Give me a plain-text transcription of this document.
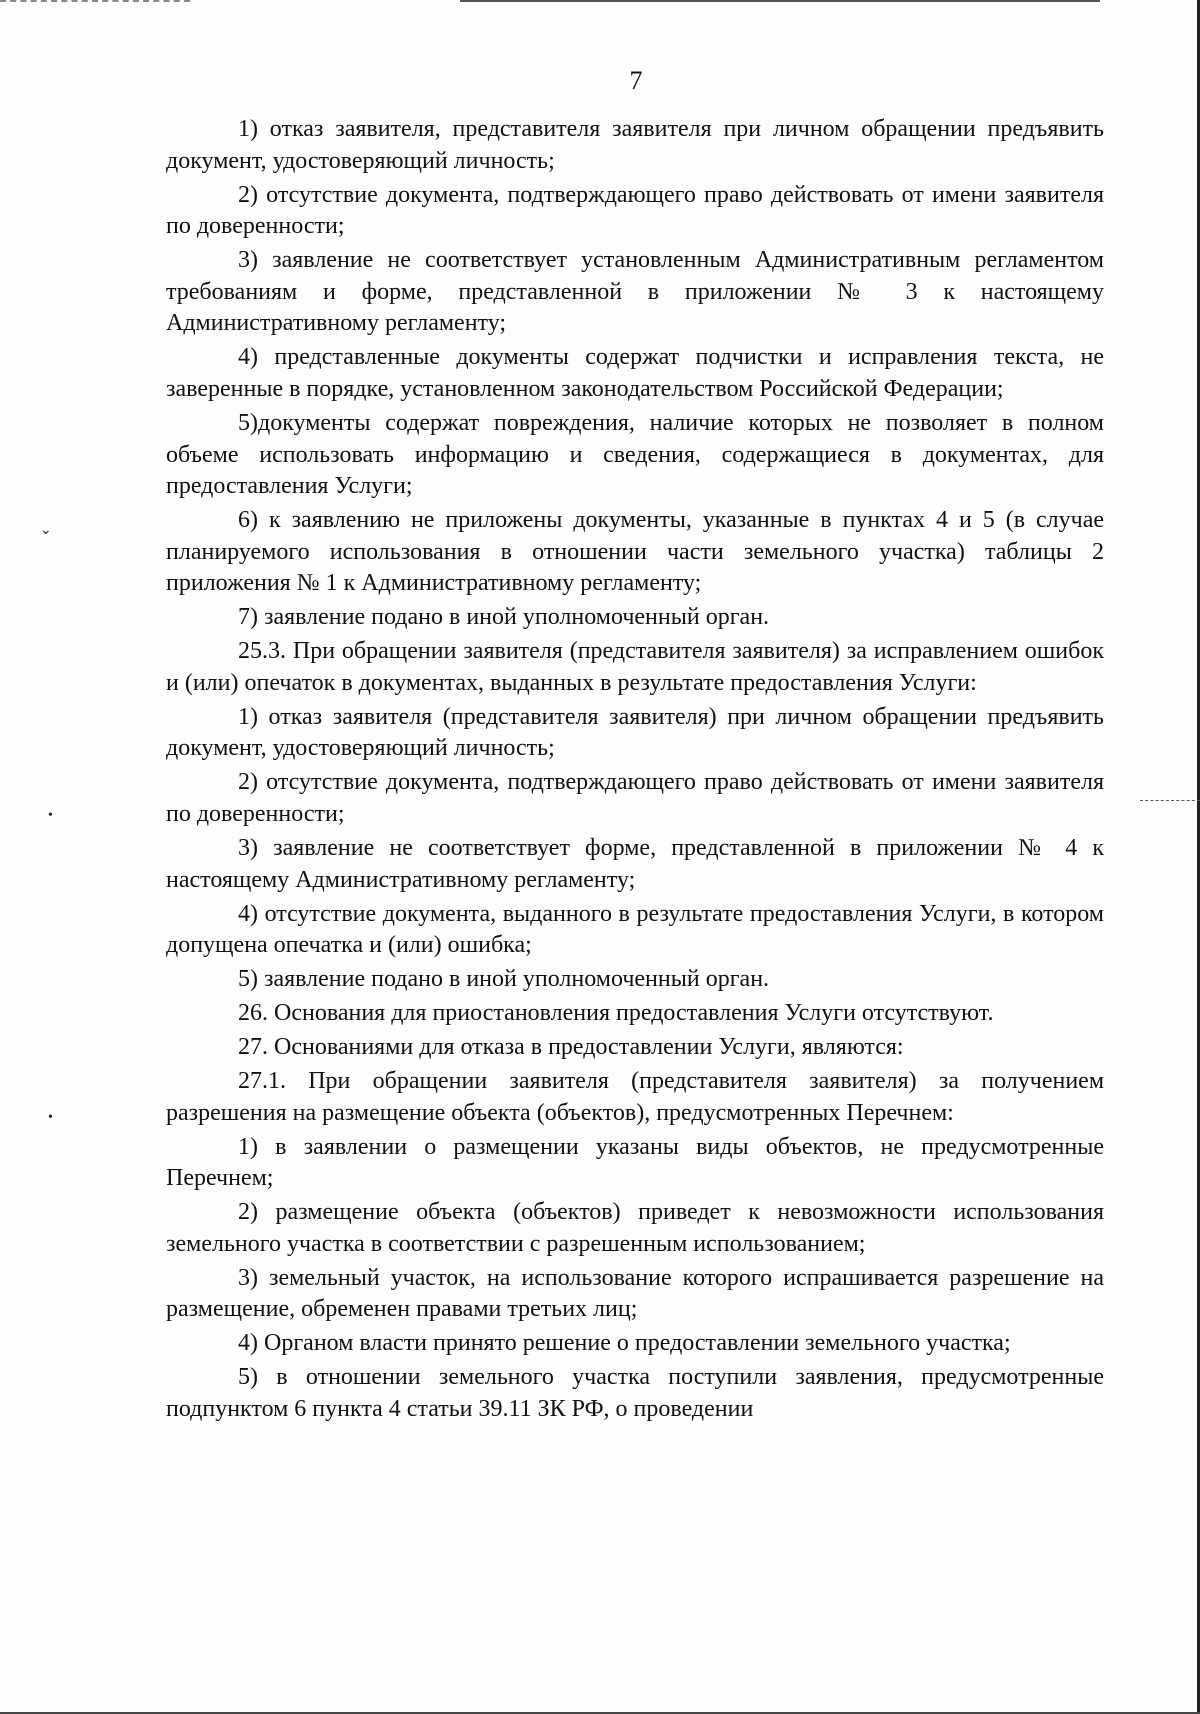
⌄
•
•
7

1) отказ заявителя, представителя заявителя при личном обращении предъявить документ, удостоверяющий личность;

2) отсутствие документа, подтверждающего право действовать от имени заявителя по доверенности;

3) заявление не соответствует установленным Административным регламентом требованиям и форме, представленной в приложении № 3 к настоящему Административному регламенту;

4) представленные документы содержат подчистки и исправления текста, не заверенные в порядке, установленном законодательством Российской Федерации;

5)документы содержат повреждения, наличие которых не позволяет в полном объеме использовать информацию и сведения, содержащиеся в документах, для предоставления Услуги;

6) к заявлению не приложены документы, указанные в пунктах 4 и 5 (в случае планируемого использования в отношении части земельного участка) таблицы 2 приложения № 1 к Административному регламенту;

7) заявление подано в иной уполномоченный орган.

25.3. При обращении заявителя (представителя заявителя) за исправлением ошибок и (или) опечаток в документах, выданных в результате предоставления Услуги:

1) отказ заявителя (представителя заявителя) при личном обращении предъявить документ, удостоверяющий личность;

2) отсутствие документа, подтверждающего право действовать от имени заявителя по доверенности;

3) заявление не соответствует форме, представленной в приложении № 4 к настоящему Административному регламенту;

4) отсутствие документа, выданного в результате предоставления Услуги, в котором допущена опечатка и (или) ошибка;

5) заявление подано в иной уполномоченный орган.

26. Основания для приостановления предоставления Услуги отсутствуют.

27. Основаниями для отказа в предоставлении Услуги, являются:

27.1. При обращении заявителя (представителя заявителя) за получением разрешения на размещение объекта (объектов), предусмотренных Перечнем:

1) в заявлении о размещении указаны виды объектов, не предусмотренные Перечнем;

2) размещение объекта (объектов) приведет к невозможности использования земельного участка в соответствии с разрешенным использованием;

3) земельный участок, на использование которого испрашивается разрешение на размещение, обременен правами третьих лиц;

4) Органом власти принято решение о предоставлении земельного участка;

5) в отношении земельного участка поступили заявления, предусмотренные подпунктом 6 пункта 4 статьи 39.11 ЗК РФ, о проведении
